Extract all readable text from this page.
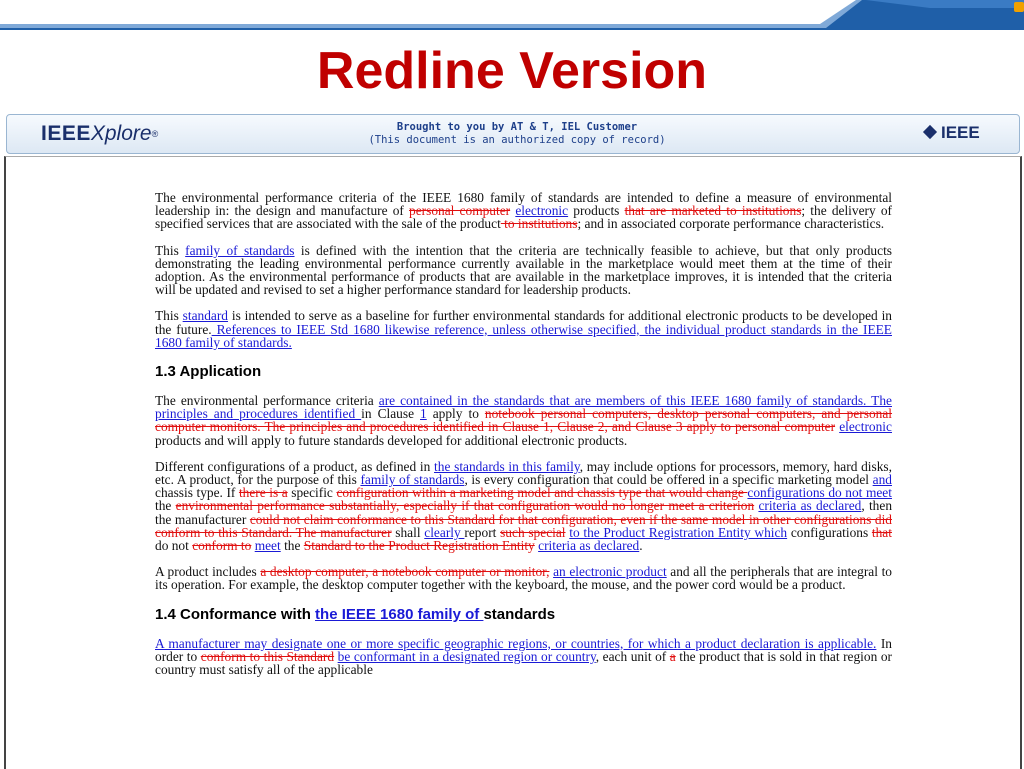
Redline Version
IEEEXplore®
Brought to you by AT & T, IEL Customer
(This document is an authorized copy of record)	IEEE

The environmental performance criteria of the IEEE 1680 family of standards are intended to define a measure of environmental leadership in: the design and manufacture of personal computer electronic products that are marketed to institutions; the delivery of specified services that are associated with the sale of the product to institutions; and in associated corporate performance characteristics.

This family of standards is defined with the intention that the criteria are technically feasible to achieve, but that only products demonstrating the leading environmental performance currently available in the marketplace would meet them at the time of their adoption. As the environmental performance of products that are available in the marketplace improves, it is intended that the criteria will be updated and revised to set a higher performance standard for leadership products.

This standard is intended to serve as a baseline for further environmental standards for additional electronic products to be developed in the future. References to IEEE Std 1680 likewise reference, unless otherwise specified, the individual product standards in the IEEE 1680 family of standards.

1.3 Application

The environmental performance criteria are contained in the standards that are members of this IEEE 1680 family of standards. The principles and procedures identified in Clause 1 apply to notebook personal computers, desktop personal computers, and personal computer monitors. The principles and procedures identified in Clause 1, Clause 2, and Clause 3 apply to personal computer electronic products and will apply to future standards developed for additional electronic products.

Different configurations of a product, as defined in the standards in this family, may include options for processors, memory, hard disks, etc. A product, for the purpose of this family of standards, is every configuration that could be offered in a specific marketing model and chassis type. If there is a specific configuration within a marketing model and chassis type that would change configurations do not meet the environmental performance substantially, especially if that configuration would no longer meet a criterion criteria as declared, then the manufacturer could not claim conformance to this Standard for that configuration, even if the same model in other configurations did conform to this Standard. The manufacturer shall clearly report such special to the Product Registration Entity which configurations that do not conform to meet the Standard to the Product Registration Entity criteria as declared.

A product includes a desktop computer, a notebook computer or monitor, an electronic product and all the peripherals that are integral to its operation. For example, the desktop computer together with the keyboard, the mouse, and the power cord would be a product.

1.4 Conformance with the IEEE 1680 family of standards

A manufacturer may designate one or more specific geographic regions, or countries, for which a product declaration is applicable. In order to conform to this Standard be conformant in a designated region or country, each unit of a the product that is sold in that region or country must satisfy all of the applicable
